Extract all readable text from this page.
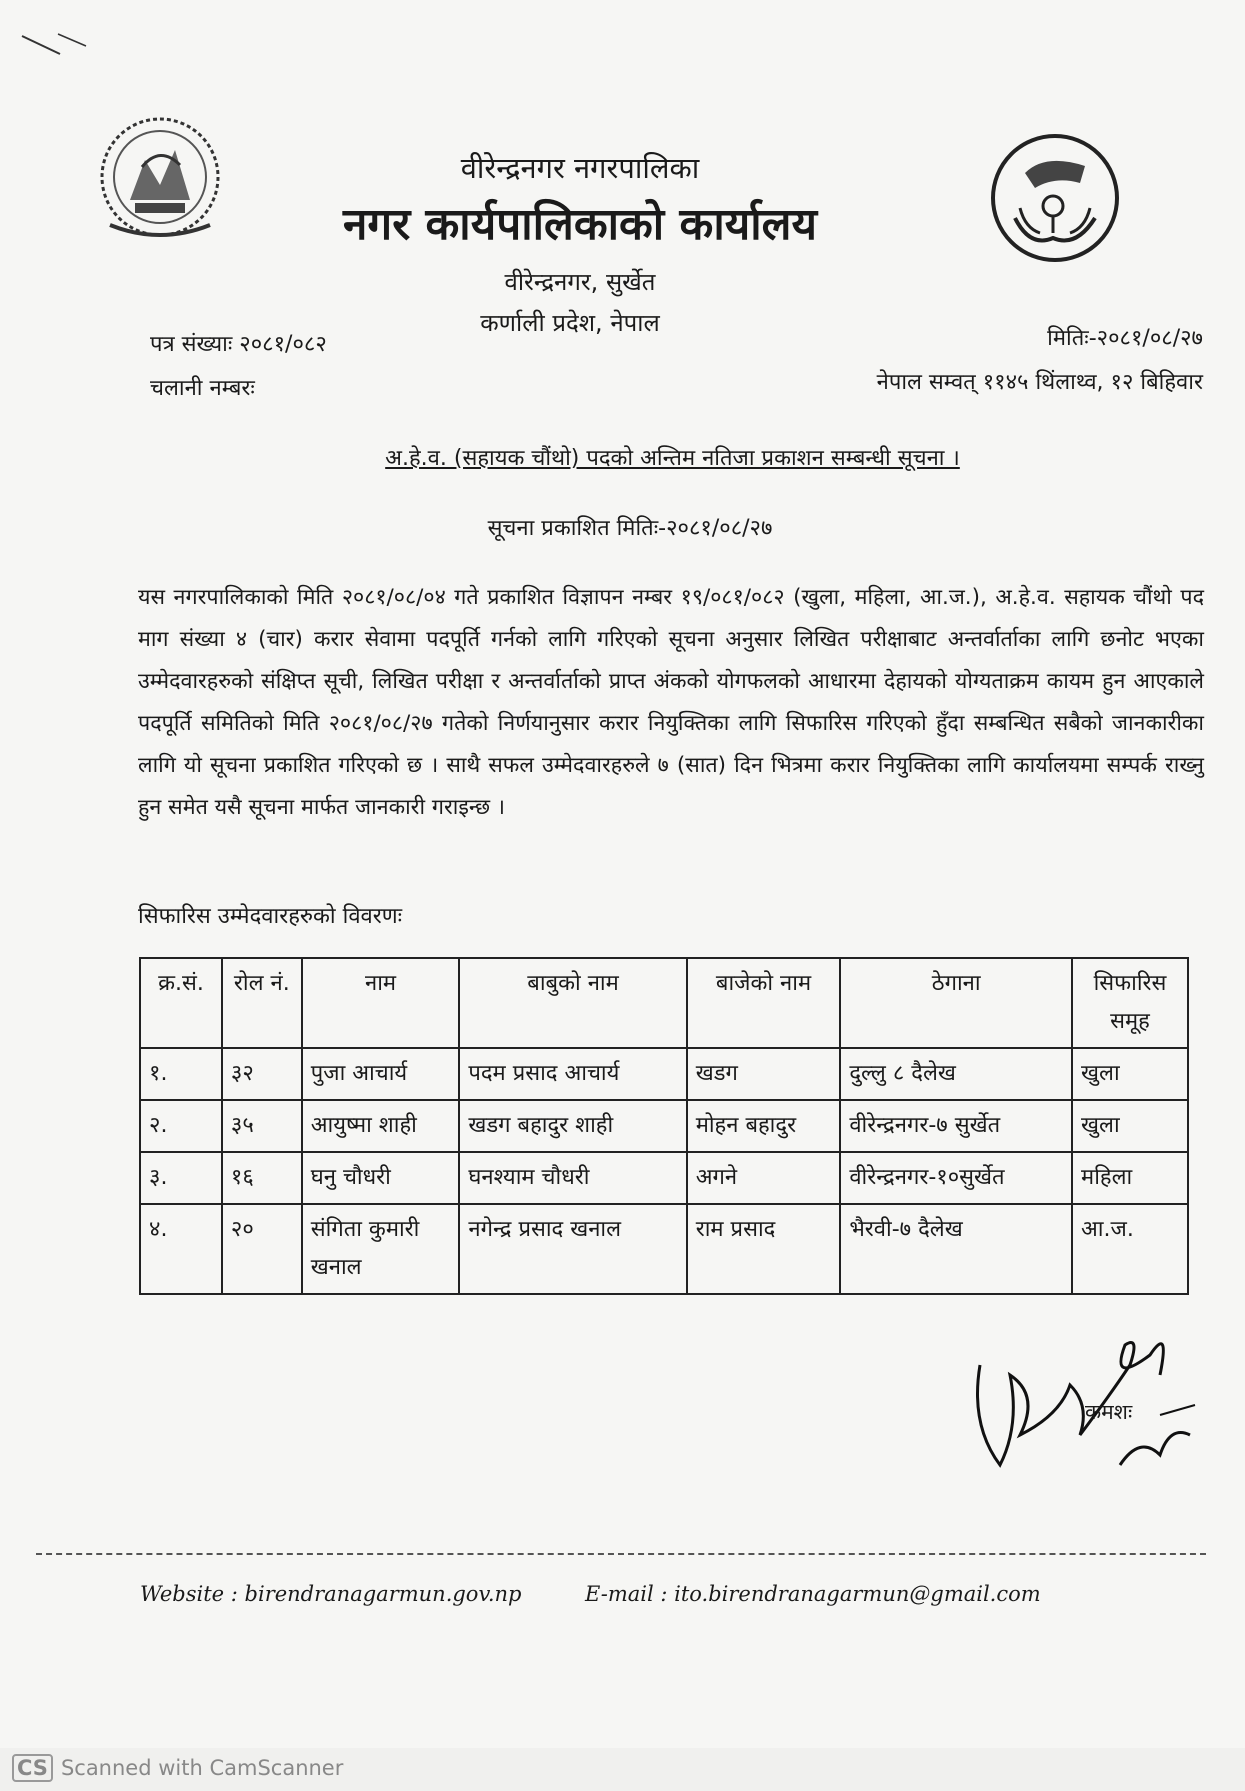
वीरेन्द्रनगर नगरपालिका
नगर कार्यपालिकाको कार्यालय
वीरेन्द्रनगर, सुर्खेत
कर्णाली प्रदेश, नेपाल
पत्र संख्याः २०८१/०८२
चलानी नम्बरः
मितिः-२०८१/०८/२७
नेपाल सम्वत् ११४५ थिंलाथ्व, १२ बिहिवार
अ.हे.व. (सहायक चौंथो) पदको अन्तिम नतिजा प्रकाशन सम्बन्धी सूचना ।
सूचना प्रकाशित मितिः-२०८१/०८/२७
यस नगरपालिकाको मिति २०८१/०८/०४ गते प्रकाशित विज्ञापन नम्बर १९/०८१/०८२ (खुला, महिला, आ.ज.), अ.हे.व. सहायक चौंथो पद माग संख्या ४ (चार) करार सेवामा पदपूर्ति गर्नको लागि गरिएको सूचना अनुसार लिखित परीक्षाबाट अन्तर्वार्ताका लागि छनोट भएका उम्मेदवारहरुको संक्षिप्त सूची, लिखित परीक्षा र अन्तर्वार्ताको प्राप्त अंकको योगफलको आधारमा देहायको योग्यताक्रम कायम हुन आएकाले पदपूर्ति समितिको मिति २०८१/०८/२७ गतेको निर्णयानुसार करार नियुक्तिका लागि सिफारिस गरिएको हुँदा सम्बन्धित सबैको जानकारीका लागि यो सूचना प्रकाशित गरिएको छ । साथै सफल उम्मेदवारहरुले ७ (सात) दिन भित्रमा करार नियुक्तिका लागि कार्यालयमा सम्पर्क राख्नु हुन समेत यसै सूचना मार्फत जानकारी गराइन्छ ।
सिफारिस उम्मेदवारहरुको विवरणः
क्र.सं.	रोल नं.	नाम	बाबुको नाम	बाजेको नाम	ठेगाना	सिफारिस समूह
१.	३२	पुजा आचार्य	पदम प्रसाद आचार्य	खडग	दुल्लु ८ दैलेख	खुला
२.	३५	आयुष्मा शाही	खडग बहादुर शाही	मोहन बहादुर	वीरेन्द्रनगर-७ सुर्खेत	खुला
३.	१६	घनु चौधरी	घनश्याम चौधरी	अगने	वीरेन्द्रनगर-१०सुर्खेत	महिला
४.	२०	संगिता कुमारी खनाल	नगेन्द्र प्रसाद खनाल	राम प्रसाद	भैरवी-७ दैलेख	आ.ज.
कमशः
Website : birendranagarmun.gov.np	E-mail : ito.birendranagarmun@gmail.com
CS Scanned with CamScanner
